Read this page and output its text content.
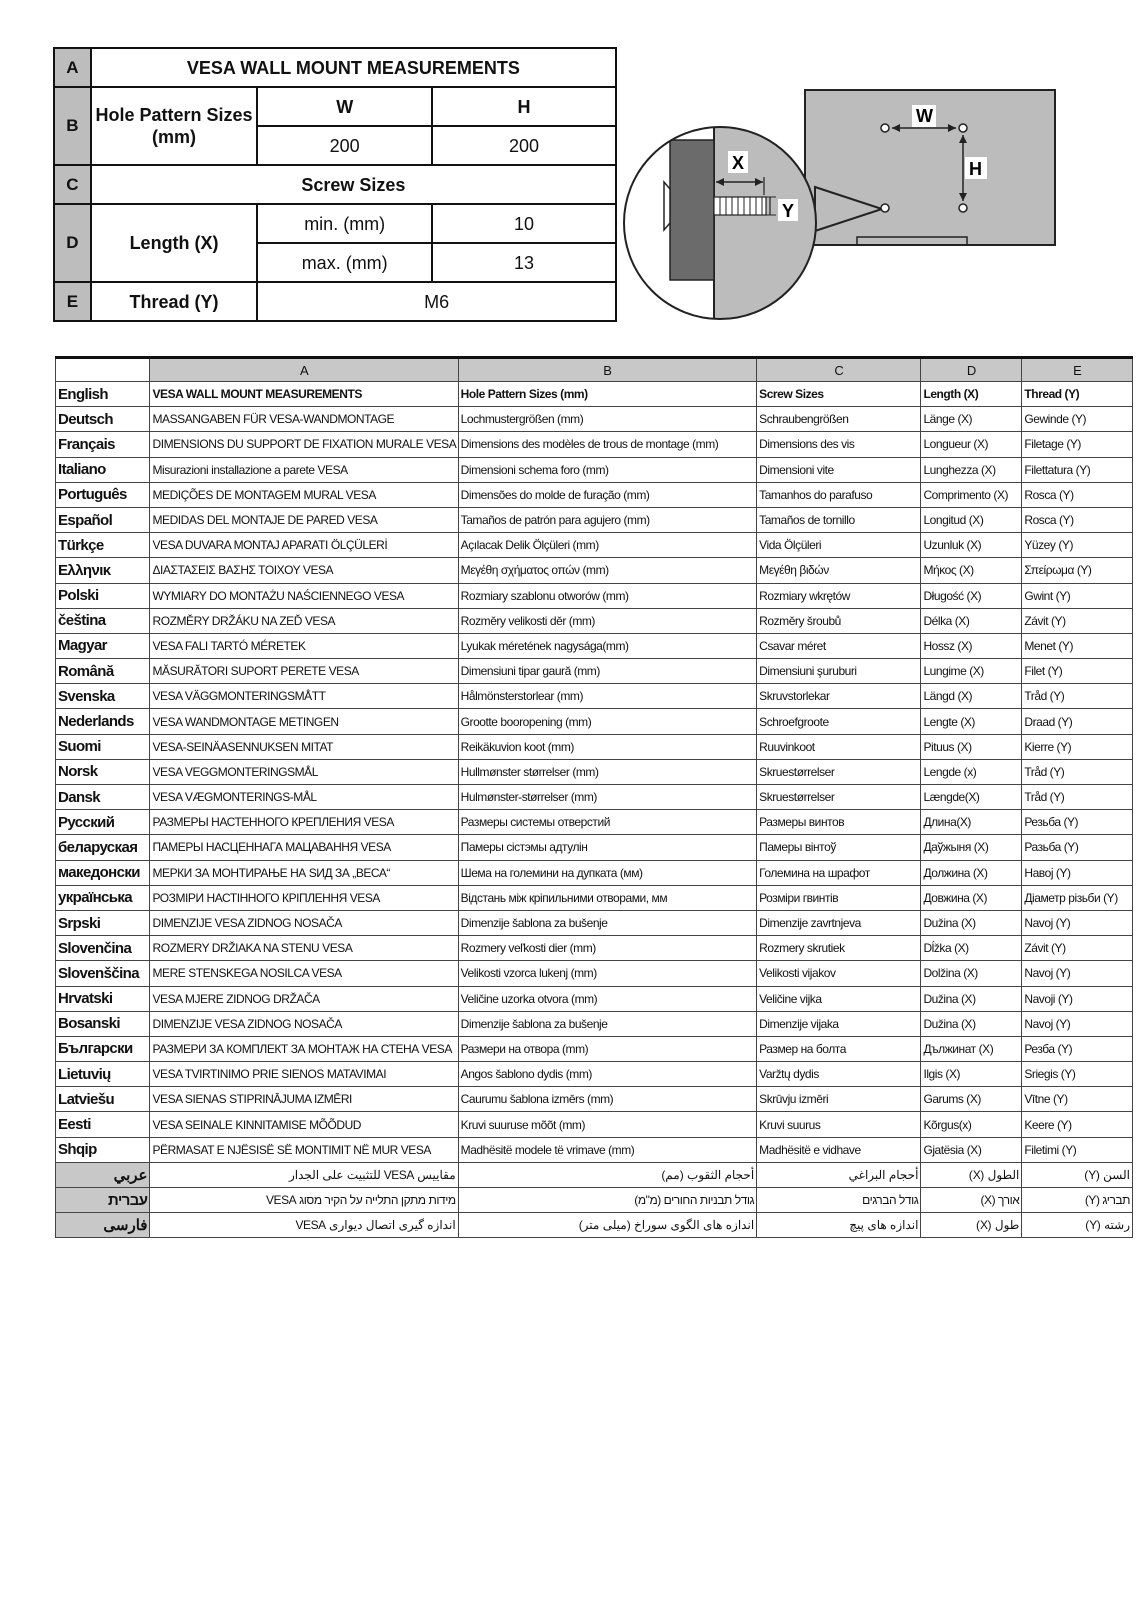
A	VESA WALL MOUNT MEASUREMENTS		
B	Hole Pattern Sizes (mm)	W	H
		200	200
C	Screw Sizes		
D	Length (X)	min. (mm)	10
		max. (mm)	13
E	Thread (Y)	M6	
X
Y
W
H
	A	B	C	D	E
English	VESA WALL MOUNT MEASUREMENTS	Hole Pattern Sizes (mm)	Screw Sizes	Length (X)	Thread (Y)
Deutsch	MASSANGABEN FÜR VESA-WANDMONTAGE	Lochmustergrößen (mm)	Schraubengrößen	Länge (X)	Gewinde (Y)
Français	DIMENSIONS DU SUPPORT DE FIXATION MURALE VESA	Dimensions des modèles de trous de montage (mm)	Dimensions des vis	Longueur (X)	Filetage (Y)
Italiano	Misurazioni installazione a parete VESA	Dimensioni schema foro (mm)	Dimensioni vite	Lunghezza (X)	Filettatura (Y)
Português	MEDIÇÕES DE MONTAGEM MURAL VESA	Dimensões do molde de furação (mm)	Tamanhos do parafuso	Comprimento (X)	Rosca (Y)
Español	MEDIDAS DEL MONTAJE DE PARED VESA	Tamaños de patrón para agujero (mm)	Tamaños de tornillo	Longitud (X)	Rosca (Y)
Türkçe	VESA DUVARA MONTAJ APARATI ÖLÇÜLERİ	Açılacak Delik Ölçüleri (mm)	Vida Ölçüleri	Uzunluk (X)	Yüzey (Y)
Ελληνικ	ΔΙΑΣΤΑΣΕΙΣ ΒΑΣΗΣ ΤΟΙΧΟΥ VESA	Μεγέθη σχήματος οπών (mm)	Μεγέθη βιδών	Μήκος (X)	Σπείρωμα (Y)
Polski	WYMIARY DO MONTAŻU NAŚCIENNEGO VESA	Rozmiary szablonu otworów (mm)	Rozmiary wkrętów	Długość (X)	Gwint (Y)
čeština	ROZMĚRY DRŽÁKU NA ZEĎ VESA	Rozměry velikosti děr (mm)	Rozměry šroubů	Délka (X)	Závit (Y)
Magyar	VESA FALI TARTÓ MÉRETEK	Lyukak méretének nagysága(mm)	Csavar méret	Hossz (X)	Menet (Y)
Română	MĂSURĂTORI SUPORT PERETE VESA	Dimensiuni tipar gaură (mm)	Dimensiuni şuruburi	Lungime (X)	Filet (Y)
Svenska	VESA VÄGGMONTERINGSMÅTT	Hålmönsterstorlear (mm)	Skruvstorlekar	Längd (X)	Tråd (Y)
Nederlands	VESA WANDMONTAGE METINGEN	Grootte booropening (mm)	Schroefgroote	Lengte (X)	Draad (Y)
Suomi	VESA-SEINÄASENNUKSEN MITAT	Reikäkuvion koot (mm)	Ruuvinkoot	Pituus (X)	Kierre (Y)
Norsk	VESA VEGGMONTERINGSMÅL	Hullmønster størrelser (mm)	Skruestørrelser	Lengde (x)	Tråd (Y)
Dansk	VESA VÆGMONTERINGS-MÅL	Hulmønster-størrelser (mm)	Skruestørrelser	Længde(X)	Tråd (Y)
Русский	РАЗМЕРЫ НАСТЕННОГО КРЕПЛЕНИЯ VESA	Размеры системы отверстий	Размеры винтов	Длина(X)	Резьба (Y)
беларуская	ПАМЕРЫ НАСЦЕННАГА МАЦАВАННЯ VESA	Памеры сістэмы адтулін	Памеры вінтоў	Даўжыня (X)	Разьба (Y)
македонски	МЕРКИ ЗА МОНТИРАЊЕ НА ЅИД ЗА „ВЕСА“	Шема на големини на дупката (мм)	Големина на шрафот	Должина (X)	Навој (Y)
українська	РОЗМІРИ НАСТІННОГО КРІПЛЕННЯ VESA	Відстань між кріпильними отворами, мм	Розміри гвинтів	Довжина (X)	Діаметр різьби (Y)
Srpski	DIMENZIJE VESA ZIDNOG NOSAČA	Dimenzije šablona za bušenje	Dimenzije zavrtnjeva	Dužina (X)	Navoj (Y)
Slovenčina	ROZMERY DRŽIAKA NA STENU VESA	Rozmery veľkosti dier (mm)	Rozmery skrutiek	Dĺžka (X)	Závit (Y)
Slovenščina	MERE STENSKEGA NOSILCA VESA	Velikosti vzorca lukenj (mm)	Velikosti vijakov	Dolžina (X)	Navoj (Y)
Hrvatski	VESA MJERE ZIDNOG DRŽAČA	Veličine uzorka otvora (mm)	Veličine vijka	Dužina (X)	Navoji (Y)
Bosanski	DIMENZIJE VESA ZIDNOG NOSAČA	Dimenzije šablona za bušenje	Dimenzije vijaka	Dužina (X)	Navoj (Y)
Български	РАЗМЕРИ ЗА КОМПЛЕКТ ЗА МОНТАЖ НА СТЕНА VESA	Размери на отвора (mm)	Размер на болта	Дължинат (X)	Резба (Y)
Lietuvių	VESA TVIRTINIMO PRIE SIENOS MATAVIMAI	Angos šablono dydis (mm)	Varžtų dydis	Ilgis (X)	Sriegis (Y)
Latviešu	VESA SIENAS STIPRINĀJUMA IZMĒRI	Caurumu šablona izmērs (mm)	Skrūvju izmēri	Garums (X)	Vītne (Y)
Eesti	VESA SEINALE KINNITAMISE MÕÕDUD	Kruvi suuruse mõõt (mm)	Kruvi suurus	Kõrgus(x)	Keere (Y)
Shqip	PËRMASAT E NJËSISË SË MONTIMIT NË MUR VESA	Madhësitë modele të vrimave (mm)	Madhësitë e vidhave	Gjatësia (X)	Filetimi (Y)
عربي	مقاييس VESA للتثبيت على الجدار	أحجام الثقوب (مم)	أحجام البراغي	الطول (X)	السن (Y)
עברית	מידות מתקן התלייה על הקיר מסוג VESA	גודל תבניות החורים (מ"מ)	גודל הברגים	אורך (X)	תבריג (Y)
فارسی	اندازه گیری اتصال دیواری VESA	اندازه های الگوی سوراخ (میلی متر)	اندازه های پیچ	طول (X)	رشته (Y)
